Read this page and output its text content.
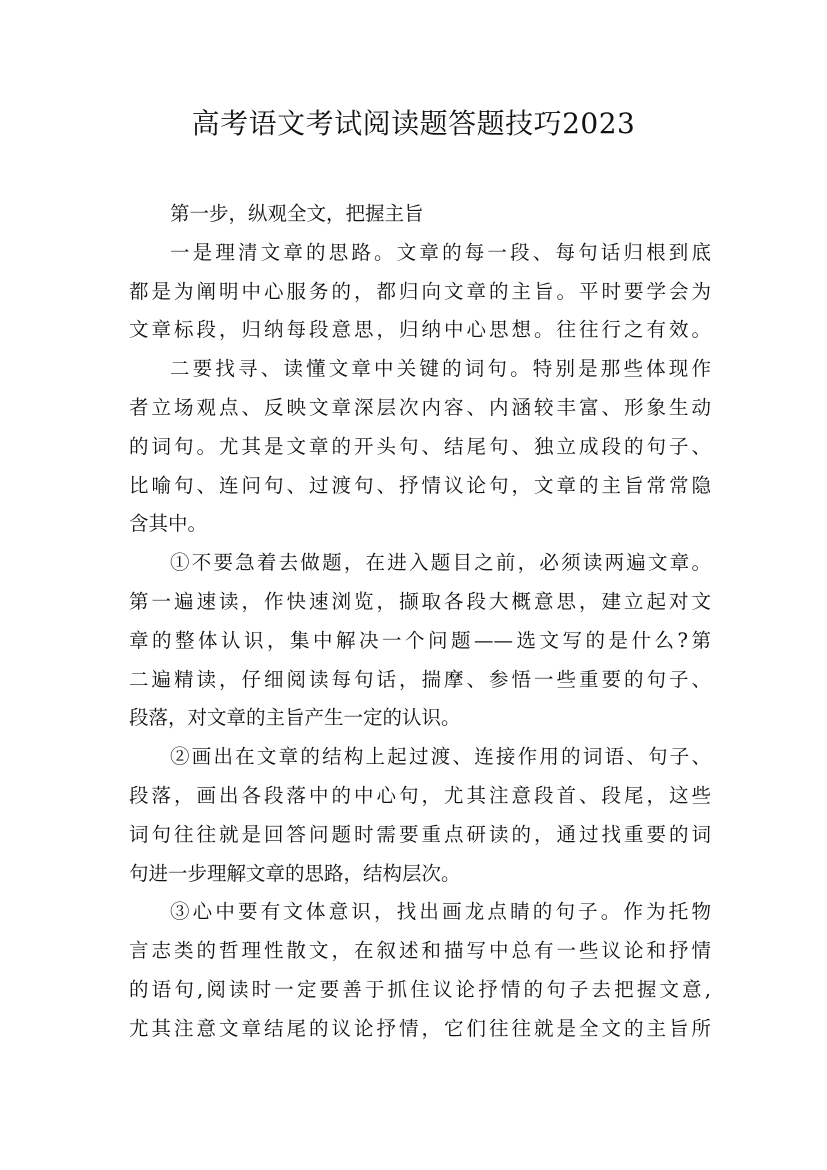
高考语文考试阅读题答题技巧2023
第一步，纵观全文，把握主旨
一是理清文章的思路。文章的每一段、每句话归根到底
都是为阐明中心服务的，都归向文章的主旨。平时要学会为
文章标段，归纳每段意思，归纳中心思想。往往行之有效。
二要找寻、读懂文章中关键的词句。特别是那些体现作
者立场观点、反映文章深层次内容、内涵较丰富、形象生动
的词句。尤其是文章的开头句、结尾句、独立成段的句子、
比喻句、连问句、过渡句、抒情议论句，文章的主旨常常隐
含其中。
①不要急着去做题，在进入题目之前，必须读两遍文章。
第一遍速读，作快速浏览，撷取各段大概意思，建立起对文
章的整体认识，集中解决一个问题——选文写的是什么?第
二遍精读，仔细阅读每句话，揣摩、参悟一些重要的句子、
段落，对文章的主旨产生一定的认识。
②画出在文章的结构上起过渡、连接作用的词语、句子、
段落，画出各段落中的中心句，尤其注意段首、段尾，这些
词句往往就是回答问题时需要重点研读的，通过找重要的词
句进一步理解文章的思路，结构层次。
③心中要有文体意识，找出画龙点睛的句子。作为托物
言志类的哲理性散文，在叙述和描写中总有一些议论和抒情
的语句,阅读时一定要善于抓住议论抒情的句子去把握文意,
尤其注意文章结尾的议论抒情，它们往往就是全文的主旨所
